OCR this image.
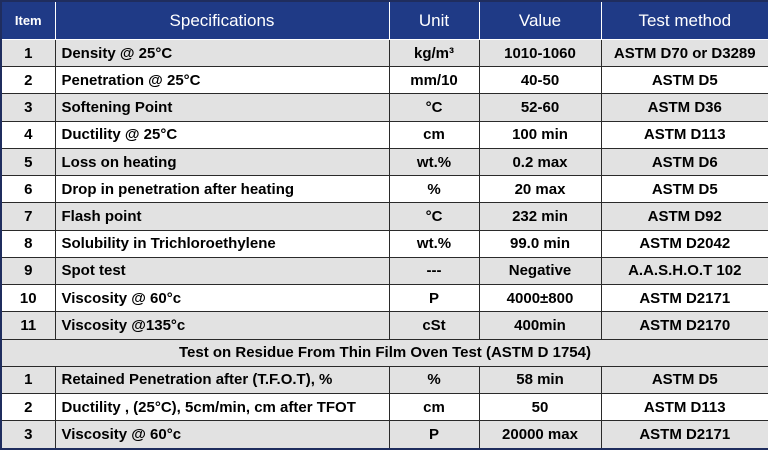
Item	Specifications	Unit	Value	Test method
1	Density @ 25°C	kg/m³	1010-1060	ASTM D70 or D3289
2	Penetration @ 25°C	mm/10	40-50	ASTM D5
3	Softening Point	°C	52-60	ASTM D36
4	Ductility @ 25°C	cm	100 min	ASTM D113
5	Loss on heating	wt.%	0.2 max	ASTM D6
6	Drop in penetration after heating	%	20 max	ASTM D5
7	Flash point	°C	232 min	ASTM D92
8	Solubility in Trichloroethylene	wt.%	99.0 min	ASTM D2042
9	Spot test	---	Negative	A.A.S.H.O.T 102
10	Viscosity @ 60°c	P	4000±800	ASTM D2171
11	Viscosity @135°c	cSt	400min	ASTM D2170
Test on Residue From Thin Film Oven Test (ASTM D 1754)				
1	Retained Penetration after (T.F.O.T), %	%	58 min	ASTM D5
2	Ductility , (25°C), 5cm/min, cm after TFOT	cm	50	ASTM D113
3	Viscosity @ 60°c	P	20000 max	ASTM D2171
